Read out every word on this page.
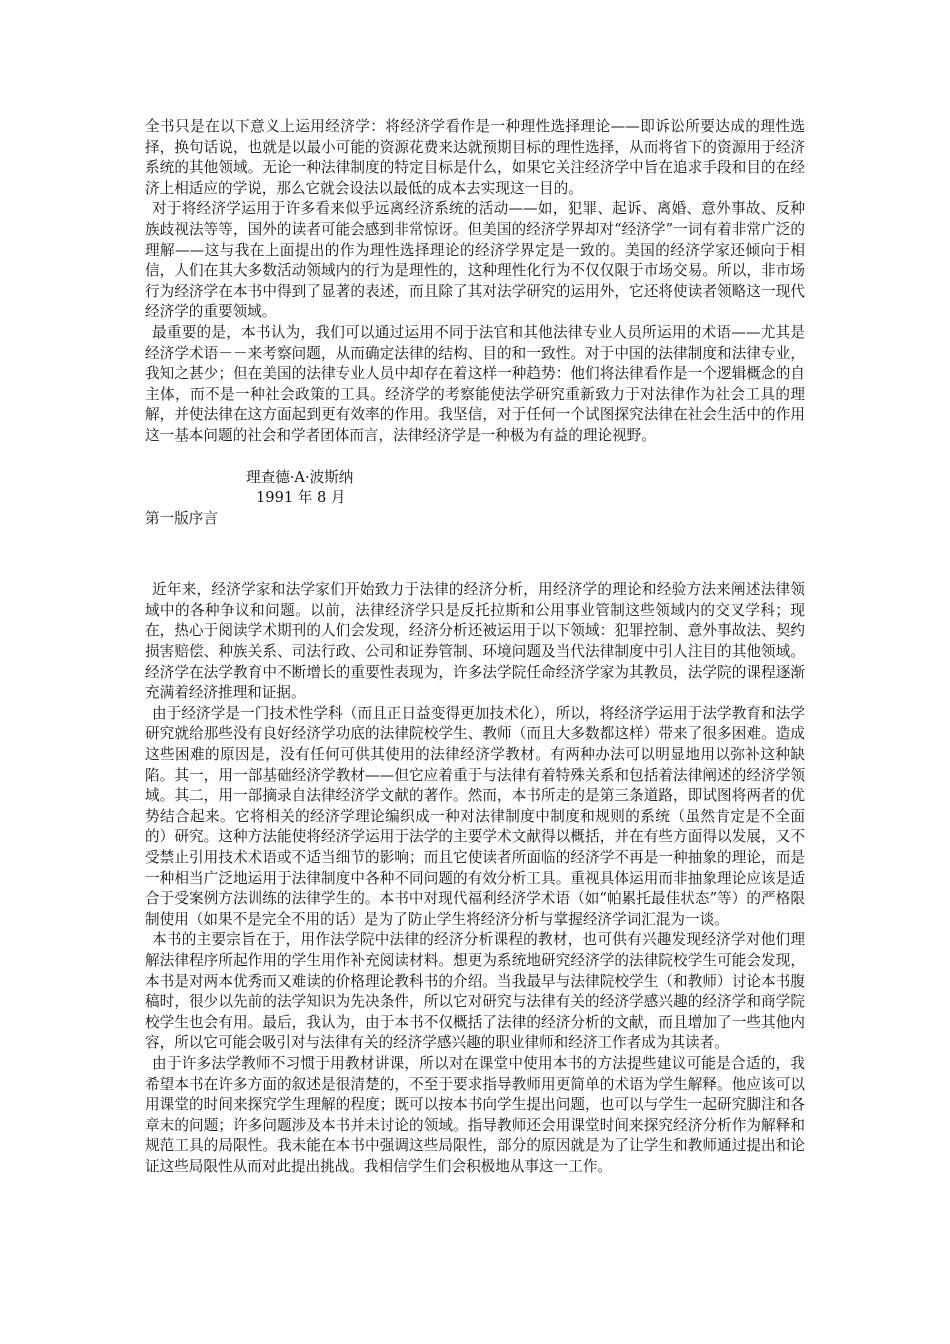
全书只是在以下意义上运用经济学：将经济学看作是一种理性选择理论——即诉讼所要达成的理性选择，换句话说，也就是以最小可能的资源花费来达就预期目标的理性选择，从而将省下的资源用于经济系统的其他领域。无论一种法律制度的特定目标是什么，如果它关注经济学中旨在追求手段和目的在经济上相适应的学说，那么它就会设法以最低的成本去实现这一目的。

对于将经济学运用于许多看来似乎远离经济系统的活动——如，犯罪、起诉、离婚、意外事故、反种族歧视法等等，国外的读者可能会感到非常惊讶。但美国的经济学界却对“经济学”一词有着非常广泛的理解——这与我在上面提出的作为理性选择理论的经济学界定是一致的。美国的经济学家还倾向于相信，人们在其大多数活动领域内的行为是理性的，这种理性化行为不仅仅限于市场交易。所以，非市场行为经济学在本书中得到了显著的表述，而且除了其对法学研究的运用外，它还将使读者领略这一现代经济学的重要领域。

最重要的是，本书认为，我们可以通过运用不同于法官和其他法律专业人员所运用的术语——尤其是经济学术语－－来考察问题，从而确定法律的结构、目的和一致性。对于中国的法律制度和法律专业，我知之甚少；但在美国的法律专业人员中却存在着这样一种趋势：他们将法律看作是一个逻辑概念的自主体，而不是一种社会政策的工具。经济学的考察能使法学研究重新致力于对法律作为社会工具的理解，并使法律在这方面起到更有效率的作用。我坚信，对于任何一个试图探究法律在社会生活中的作用这一基本问题的社会和学者团体而言，法律经济学是一种极为有益的理论视野。

理查德·A·波斯纳
1991 年 8 月

第一版序言

近年来，经济学家和法学家们开始致力于法律的经济分析，用经济学的理论和经验方法来阐述法律领域中的各种争议和问题。以前，法律经济学只是反托拉斯和公用事业管制这些领域内的交叉学科；现在，热心于阅读学术期刊的人们会发现，经济分析还被运用于以下领域：犯罪控制、意外事故法、契约损害赔偿、种族关系、司法行政、公司和证券管制、环境问题及当代法律制度中引人注目的其他领域。经济学在法学教育中不断增长的重要性表现为，许多法学院任命经济学家为其教员，法学院的课程逐渐充满着经济推理和证据。

由于经济学是一门技术性学科（而且正日益变得更加技术化），所以，将经济学运用于法学教育和法学研究就给那些没有良好经济学功底的法律院校学生、教师（而且大多数都这样）带来了很多困难。造成这些困难的原因是，没有任何可供其使用的法律经济学教材。有两种办法可以明显地用以弥补这种缺陷。其一，用一部基础经济学教材——但它应着重于与法律有着特殊关系和包括着法律阐述的经济学领域。其二，用一部摘录自法律经济学文献的著作。然而，本书所走的是第三条道路，即试图将两者的优势结合起来。它将相关的经济学理论编织成一种对法律制度中制度和规则的系统（虽然肯定是不全面的）研究。这种方法能使将经济学运用于法学的主要学术文献得以概括，并在有些方面得以发展，又不受禁止引用技术术语或不适当细节的影响；而且它使读者所面临的经济学不再是一种抽象的理论，而是一种相当广泛地运用于法律制度中各种不同问题的有效分析工具。重视具体运用而非抽象理论应该是适合于受案例方法训练的法律学生的。本书中对现代福利经济学术语（如“帕累托最佳状态”等）的严格限制使用（如果不是完全不用的话）是为了防止学生将经济分析与掌握经济学词汇混为一谈。

本书的主要宗旨在于，用作法学院中法律的经济分析课程的教材，也可供有兴趣发现经济学对他们理解法律程序所起作用的学生用作补充阅读材料。想更为系统地研究经济学的法律院校学生可能会发现，本书是对两本优秀而又难读的价格理论教科书的介绍。当我最早与法律院校学生（和教师）讨论本书腹稿时，很少以先前的法学知识为先决条件，所以它对研究与法律有关的经济学感兴趣的经济学和商学院校学生也会有用。最后，我认为，由于本书不仅概括了法律的经济分析的文献，而且增加了一些其他内容，所以它可能会吸引对与法律有关的经济学感兴趣的职业律师和经济工作者成为其读者。

由于许多法学教师不习惯于用教材讲课，所以对在课堂中使用本书的方法提些建议可能是合适的，我希望本书在许多方面的叙述是很清楚的，不至于要求指导教师用更简单的术语为学生解释。他应该可以用课堂的时间来探究学生理解的程度；既可以按本书向学生提出问题，也可以与学生一起研究脚注和各章末的问题；许多问题涉及本书并未讨论的领域。指导教师还会用课堂时间来探究经济分析作为解释和规范工具的局限性。我未能在本书中强调这些局限性，部分的原因就是为了让学生和教师通过提出和论证这些局限性从而对此提出挑战。我相信学生们会积极地从事这一工作。
